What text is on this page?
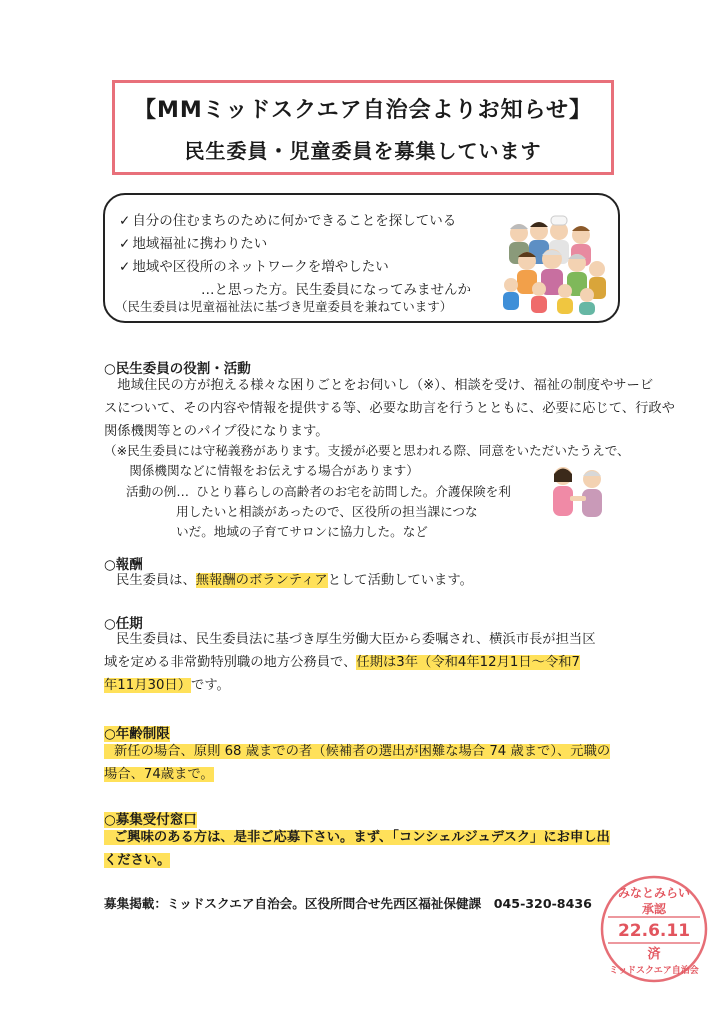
【MMミッドスクエア自治会よりお知らせ】
民生委員・児童委員を募集しています
✓ 自分の住むまちのために何かできることを探している
✓ 地域福祉に携わりたい
✓ 地域や区役所のネットワークを増やしたい
…と思った方。民生委員になってみませんか
（民生委員は児童福祉法に基づき児童委員を兼ねています）
○民生委員の役割・活動
　地域住民の方が抱える様々な困りごとをお伺いし（※）、相談を受け、福祉の制度やサービ
スについて、その内容や情報を提供する等、必要な助言を行うとともに、必要に応じて、行政や
関係機関等とのパイプ役になります。
（※民生委員には守秘義務があります。支援が必要と思われる際、同意をいただいたうえで、
　　関係機関などに情報をお伝えする場合があります）
活動の例… ひとり暮らしの高齢者のお宅を訪問した。介護保険を利
用したいと相談があったので、区役所の担当課につな
いだ。地域の子育てサロンに協力した。など
○報酬
民生委員は、無報酬のボランティアとして活動しています。
○任期
民生委員は、民生委員法に基づき厚生労働大臣から委嘱され、横浜市長が担当区
域を定める非常勤特別職の地方公務員で、任期は3年（令和4年12月1日～令和7
年11月30日）です。
○年齢制限
新任の場合、原則 68 歳までの者（候補者の選出が困難な場合 74 歳まで）、元職の
場合、74歳まで。
○募集受付窓口
ご興味のある方は、是非ご応募下さい。まず、「コンシェルジュデスク」にお申し出
ください。
募集掲載：ミッドスクエア自治会。区役所問合せ先西区福祉保健課　045-320-8436
みなとみらい
承認
22.6.11
済
ミッドスクエア自治会
